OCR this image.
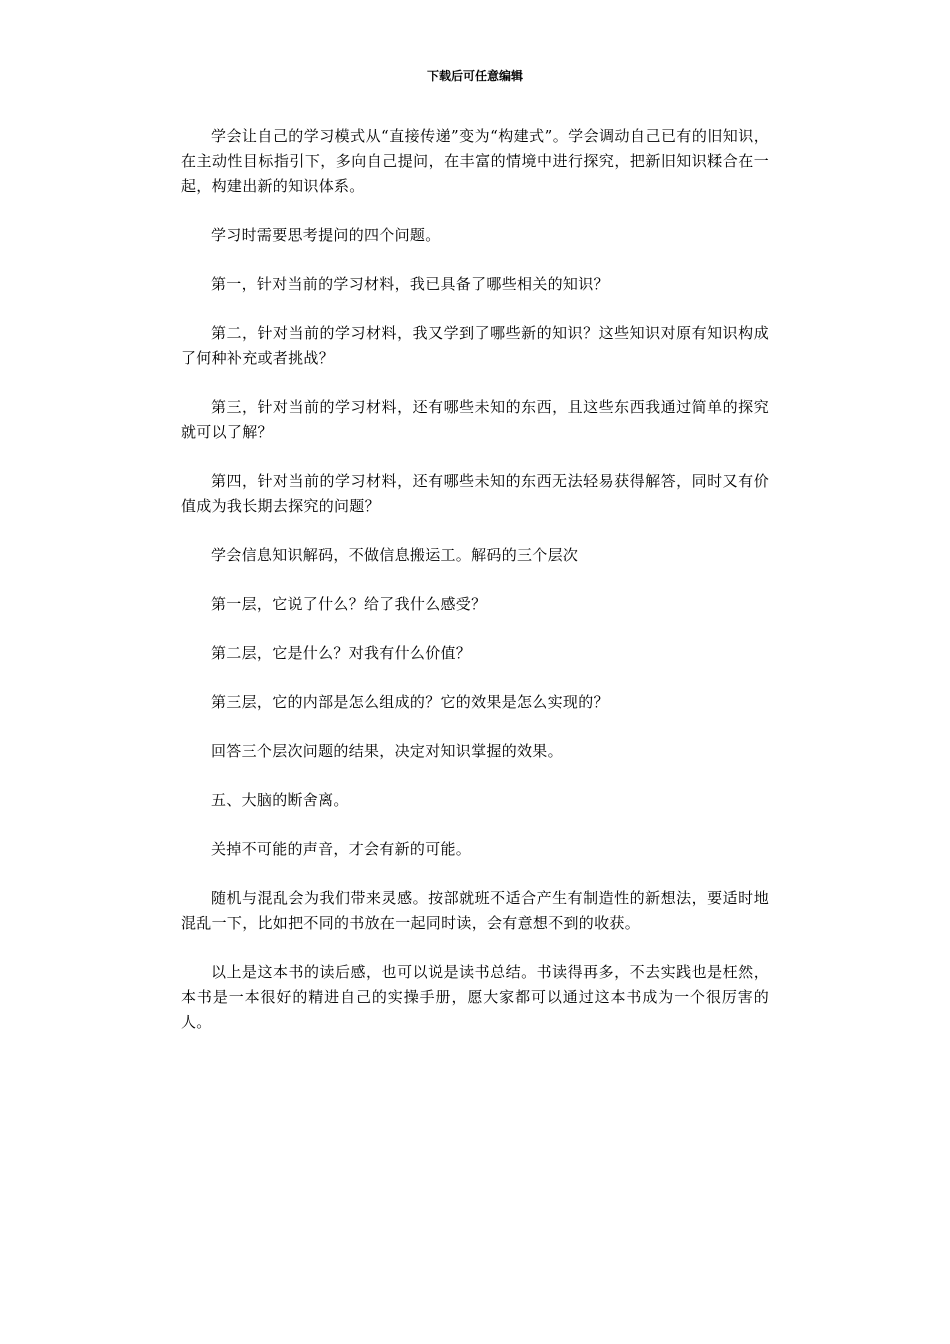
下载后可任意编辑

学会让自己的学习模式从“直接传递”变为“构建式”。学会调动自己已有的旧知识，在主动性目标指引下，多向自己提问，在丰富的情境中进行探究，把新旧知识糅合在一起，构建出新的知识体系。

学习时需要思考提问的四个问题。

第一，针对当前的学习材料，我已具备了哪些相关的知识？

第二，针对当前的学习材料，我又学到了哪些新的知识？这些知识对原有知识构成了何种补充或者挑战？

第三，针对当前的学习材料，还有哪些未知的东西，且这些东西我通过简单的探究就可以了解？

第四，针对当前的学习材料，还有哪些未知的东西无法轻易获得解答，同时又有价值成为我长期去探究的问题？

学会信息知识解码，不做信息搬运工。解码的三个层次

第一层，它说了什么？给了我什么感受？

第二层，它是什么？对我有什么价值？

第三层，它的内部是怎么组成的？它的效果是怎么实现的？

回答三个层次问题的结果，决定对知识掌握的效果。

五、大脑的断舍离。

关掉不可能的声音，才会有新的可能。

随机与混乱会为我们带来灵感。按部就班不适合产生有制造性的新想法，要适时地混乱一下，比如把不同的书放在一起同时读，会有意想不到的收获。

以上是这本书的读后感，也可以说是读书总结。书读得再多，不去实践也是枉然，本书是一本很好的精进自己的实操手册，愿大家都可以通过这本书成为一个很厉害的人。
